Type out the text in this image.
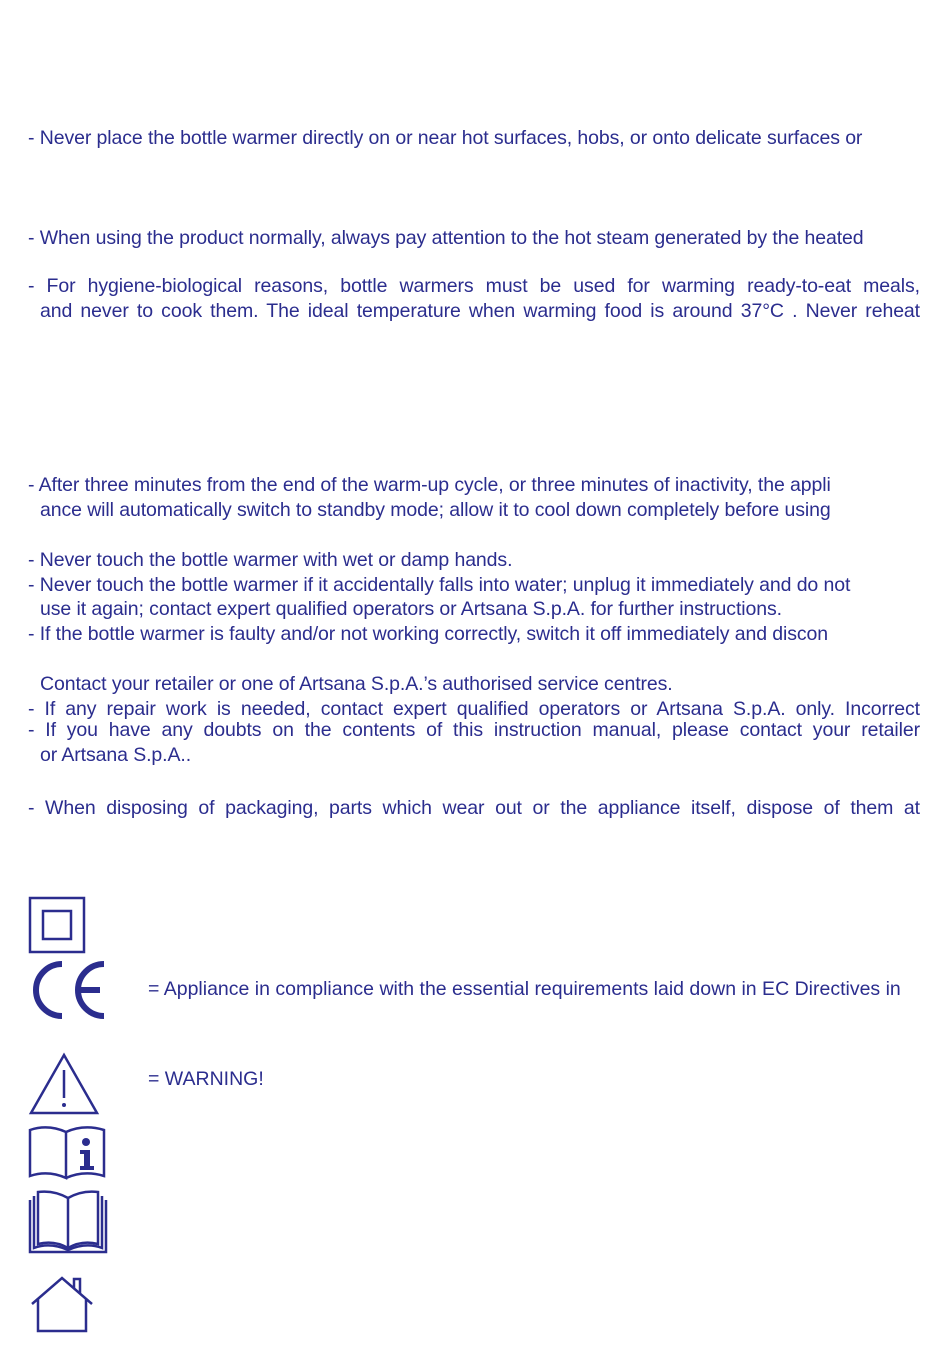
- Never place the bottle warmer directly on or near hot surfaces, hobs, or onto delicate surfaces or
- When using the product normally, always pay attention to the hot steam generated by the heated
- For hygiene-biological reasons, bottle warmers must be used for warming ready-to-eat meals,
and never to cook them. The ideal temperature when warming food is around 37°C . Never reheat
- After three minutes from the end of the warm-up cycle, or three minutes of inactivity, the appli
ance will automatically switch to standby mode; allow it to cool down completely before using
- Never touch the bottle warmer with wet or damp hands.
- Never touch the bottle warmer if it accidentally falls into water; unplug it immediately and do not
use it again; contact expert qualified operators or Artsana S.p.A. for further instructions.
- If the bottle warmer is faulty and/or not working correctly, switch it off immediately and discon
Contact your retailer or one of Artsana S.p.A.’s authorised service centres.
- If any repair work is needed, contact expert qualified operators or Artsana S.p.A. only. Incorrect
- If you have any doubts on the contents of this instruction manual, please contact your retailer
or Artsana S.p.A..
- When disposing of packaging, parts which wear out or the appliance itself, dispose of them at
= Appliance in compliance with the essential requirements laid down in EC Directives in
= WARNING!
